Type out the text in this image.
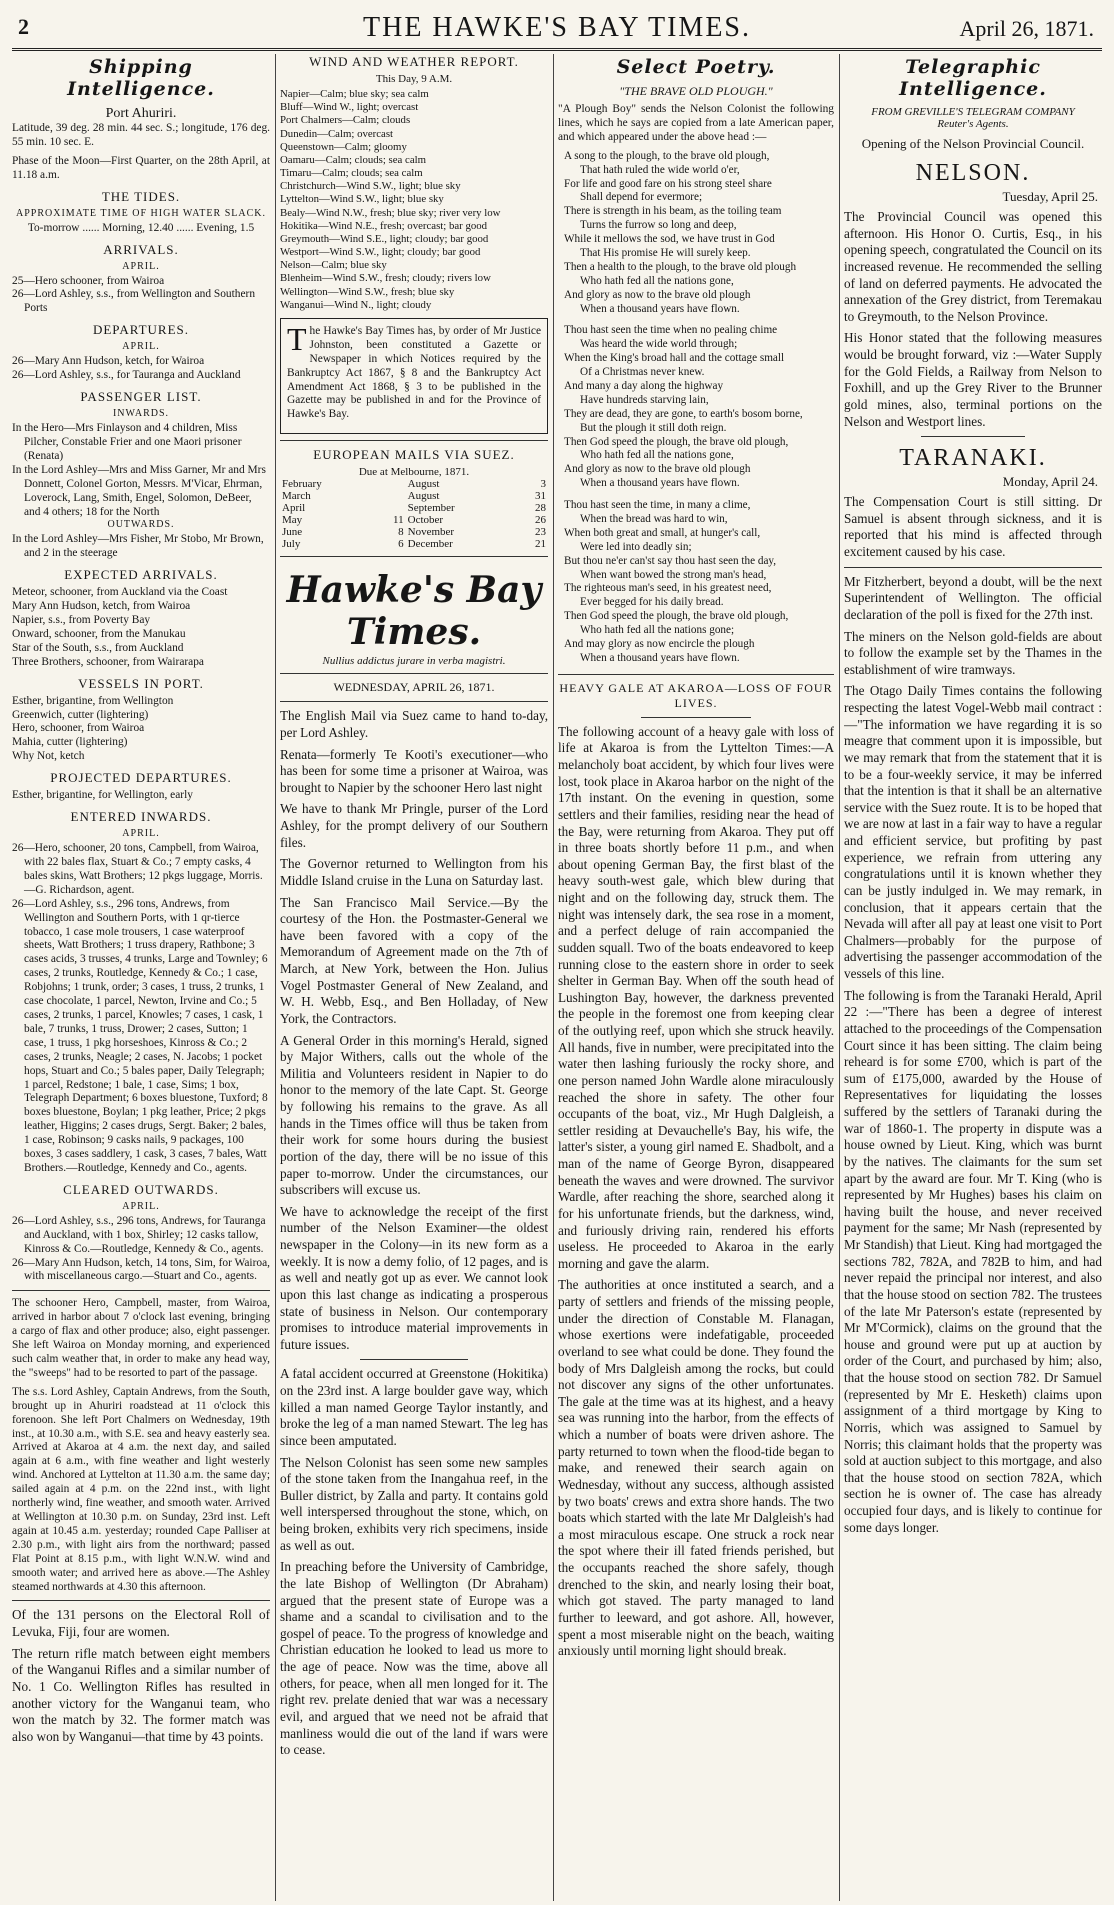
2	THE HAWKE'S BAY TIMES.	April 26, 1871.
Shipping Intelligence.
Port Ahuriri.

Latitude, 39 deg. 28 min. 44 sec. S.; longitude, 176 deg. 55 min. 10 sec. E.

Phase of the Moon—First Quarter, on the 28th April, at 11.18 a.m.

THE TIDES.
APPROXIMATE TIME OF HIGH WATER SLACK.

To-morrow ...... Morning, 12.40 ...... Evening, 1.5

ARRIVALS.
APRIL.

25—Hero schooner, from Wairoa

26—Lord Ashley, s.s., from Wellington and Southern Ports

DEPARTURES.
APRIL.

26—Mary Ann Hudson, ketch, for Wairoa

26—Lord Ashley, s.s., for Tauranga and Auckland

PASSENGER LIST.
INWARDS.

In the Hero—Mrs Finlayson and 4 children, Miss Pilcher, Constable Frier and one Maori prisoner (Renata)

In the Lord Ashley—Mrs and Miss Garner, Mr and Mrs Donnett, Colonel Gorton, Messrs. M'Vicar, Ehrman, Loverock, Lang, Smith, Engel, Solomon, DeBeer, and 4 others; 18 for the North

OUTWARDS.

In the Lord Ashley—Mrs Fisher, Mr Stobo, Mr Brown, and 2 in the steerage

EXPECTED ARRIVALS.

Meteor, schooner, from Auckland via the Coast

Mary Ann Hudson, ketch, from Wairoa

Napier, s.s., from Poverty Bay

Onward, schooner, from the Manukau

Star of the South, s.s., from Auckland

Three Brothers, schooner, from Wairarapa

VESSELS IN PORT.

Esther, brigantine, from Wellington

Greenwich, cutter (lightering)

Hero, schooner, from Wairoa

Mahia, cutter (lightering)

Why Not, ketch

PROJECTED DEPARTURES.

Esther, brigantine, for Wellington, early

ENTERED INWARDS.
APRIL.

26—Hero, schooner, 20 tons, Campbell, from Wairoa, with 22 bales flax, Stuart & Co.; 7 empty casks, 4 bales skins, Watt Brothers; 12 pkgs luggage, Morris.—G. Richardson, agent.

26—Lord Ashley, s.s., 296 tons, Andrews, from Wellington and Southern Ports, with 1 qr-tierce tobacco, 1 case mole trousers, 1 case waterproof sheets, Watt Brothers; 1 truss drapery, Rathbone; 3 cases acids, 3 trusses, 4 trunks, Large and Townley; 6 cases, 2 trunks, Routledge, Kennedy & Co.; 1 case, Robjohns; 1 trunk, order; 3 cases, 1 truss, 2 trunks, 1 case chocolate, 1 parcel, Newton, Irvine and Co.; 5 cases, 2 trunks, 1 parcel, Knowles; 7 cases, 1 cask, 1 bale, 7 trunks, 1 truss, Drower; 2 cases, Sutton; 1 case, 1 truss, 1 pkg horseshoes, Kinross & Co.; 2 cases, 2 trunks, Neagle; 2 cases, N. Jacobs; 1 pocket hops, Stuart and Co.; 5 bales paper, Daily Telegraph; 1 parcel, Redstone; 1 bale, 1 case, Sims; 1 box, Telegraph Department; 6 boxes bluestone, Tuxford; 8 boxes bluestone, Boylan; 1 pkg leather, Price; 2 pkgs leather, Higgins; 2 cases drugs, Sergt. Baker; 2 bales, 1 case, Robinson; 9 casks nails, 9 packages, 100 boxes, 3 cases saddlery, 1 cask, 3 cases, 7 bales, Watt Brothers.—Routledge, Kennedy and Co., agents.

CLEARED OUTWARDS.
APRIL.

26—Lord Ashley, s.s., 296 tons, Andrews, for Tauranga and Auckland, with 1 box, Shirley; 12 casks tallow, Kinross & Co.—Routledge, Kennedy & Co., agents.

26—Mary Ann Hudson, ketch, 14 tons, Sim, for Wairoa, with miscellaneous cargo.—Stuart and Co., agents.

The schooner Hero, Campbell, master, from Wairoa, arrived in harbor about 7 o'clock last evening, bringing a cargo of flax and other produce; also, eight passenger. She left Wairoa on Monday morning, and experienced such calm weather that, in order to make any head way, the "sweeps" had to be resorted to part of the passage.

The s.s. Lord Ashley, Captain Andrews, from the South, brought up in Ahuriri roadstead at 11 o'clock this forenoon. She left Port Chalmers on Wednesday, 19th inst., at 10.30 a.m., with S.E. sea and heavy easterly sea. Arrived at Akaroa at 4 a.m. the next day, and sailed again at 6 a.m., with fine weather and light westerly wind. Anchored at Lyttelton at 11.30 a.m. the same day; sailed again at 4 p.m. on the 22nd inst., with light northerly wind, fine weather, and smooth water. Arrived at Wellington at 10.30 p.m. on Sunday, 23rd inst. Left again at 10.45 a.m. yesterday; rounded Cape Palliser at 2.30 p.m., with light airs from the northward; passed Flat Point at 8.15 p.m., with light W.N.W. wind and smooth water; and arrived here as above.—The Ashley steamed northwards at 4.30 this afternoon.

Of the 131 persons on the Electoral Roll of Levuka, Fiji, four are women.

The return rifle match between eight members of the Wanganui Rifles and a similar number of No. 1 Co. Wellington Rifles has resulted in another victory for the Wanganui team, who won the match by 32. The former match was also won by Wanganui—that time by 43 points.

WIND AND WEATHER REPORT.
This Day, 9 A.M.
Napier—Calm; blue sky; sea calm
Bluff—Wind W., light; overcast
Port Chalmers—Calm; clouds
Dunedin—Calm; overcast
Queenstown—Calm; gloomy
Oamaru—Calm; clouds; sea calm
Timaru—Calm; clouds; sea calm
Christchurch—Wind S.W., light; blue sky
Lyttelton—Wind S.W., light; blue sky
Bealy—Wind N.W., fresh; blue sky; river very low
Hokitika—Wind N.E., fresh; overcast; bar good
Greymouth—Wind S.E., light; cloudy; bar good
Westport—Wind S.W., light; cloudy; bar good
Nelson—Calm; blue sky
Blenheim—Wind S.W., fresh; cloudy; rivers low
Wellington—Wind S.W., fresh; blue sky
Wanganui—Wind N., light; cloudy

The Hawke's Bay Times has, by order of Mr Justice Johnston, been constituted a Gazette or Newspaper in which Notices required by the Bankruptcy Act 1867, § 8 and the Bankruptcy Act Amendment Act 1868, § 3 to be published in the Gazette may be published in and for the Province of Hawke's Bay.

EUROPEAN MAILS VIA SUEZ.
Due at Melbourne, 1871.
February		August	3
March		August	31
April		September	28
May	11	October	26
June	8	November	23
July	6	December	21
Hawke's Bay Times.
Nullius addictus jurare in verba magistri.
WEDNESDAY, APRIL 26, 1871.

The English Mail via Suez came to hand to-day, per Lord Ashley.

Renata—formerly Te Kooti's executioner—who has been for some time a prisoner at Wairoa, was brought to Napier by the schooner Hero last night

We have to thank Mr Pringle, purser of the Lord Ashley, for the prompt delivery of our Southern files.

The Governor returned to Wellington from his Middle Island cruise in the Luna on Saturday last.

The San Francisco Mail Service.—By the courtesy of the Hon. the Postmaster-General we have been favored with a copy of the Memorandum of Agreement made on the 7th of March, at New York, between the Hon. Julius Vogel Postmaster General of New Zealand, and W. H. Webb, Esq., and Ben Holladay, of New York, the Contractors.

A General Order in this morning's Herald, signed by Major Withers, calls out the whole of the Militia and Volunteers resident in Napier to do honor to the memory of the late Capt. St. George by following his remains to the grave. As all hands in the Times office will thus be taken from their work for some hours during the busiest portion of the day, there will be no issue of this paper to-morrow. Under the circumstances, our subscribers will excuse us.

We have to acknowledge the receipt of the first number of the Nelson Examiner—the oldest newspaper in the Colony—in its new form as a weekly. It is now a demy folio, of 12 pages, and is as well and neatly got up as ever. We cannot look upon this last change as indicating a prosperous state of business in Nelson. Our contemporary promises to introduce material improvements in future issues.

A fatal accident occurred at Greenstone (Hokitika) on the 23rd inst. A large boulder gave way, which killed a man named George Taylor instantly, and broke the leg of a man named Stewart. The leg has since been amputated.

The Nelson Colonist has seen some new samples of the stone taken from the Inangahua reef, in the Buller district, by Zalla and party. It contains gold well interspersed throughout the stone, which, on being broken, exhibits very rich specimens, inside as well as out.

In preaching before the University of Cambridge, the late Bishop of Wellington (Dr Abraham) argued that the present state of Europe was a shame and a scandal to civilisation and to the gospel of peace. To the progress of knowledge and Christian education he looked to lead us more to the age of peace. Now was the time, above all others, for peace, when all men longed for it. The right rev. prelate denied that war was a necessary evil, and argued that we need not be afraid that manliness would die out of the land if wars were to cease.

Select Poetry.
"THE BRAVE OLD PLOUGH."

"A Plough Boy" sends the Nelson Colonist the following lines, which he says are copied from a late American paper, and which appeared under the above head :—

A song to the plough, to the brave old plough,
That hath ruled the wide world o'er,
For life and good fare on his strong steel share
Shall depend for evermore;
There is strength in his beam, as the toiling team
Turns the furrow so long and deep,
While it mellows the sod, we have trust in God
That His promise He will surely keep.
Then a health to the plough, to the brave old plough
Who hath fed all the nations gone,
And glory as now to the brave old plough
When a thousand years have flown.
Thou hast seen the time when no pealing chime
Was heard the wide world through;
When the King's broad hall and the cottage small
Of a Christmas never knew.
And many a day along the highway
Have hundreds starving lain,
They are dead, they are gone, to earth's bosom borne,
But the plough it still doth reign.
Then God speed the plough, the brave old plough,
Who hath fed all the nations gone,
And glory as now to the brave old plough
When a thousand years have flown.
Thou hast seen the time, in many a clime,
When the bread was hard to win,
When both great and small, at hunger's call,
Were led into deadly sin;
But thou ne'er can'st say thou hast seen the day,
When want bowed the strong man's head,
The righteous man's seed, in his greatest need,
Ever begged for his daily bread.
Then God speed the plough, the brave old plough,
Who hath fed all the nations gone;
And may glory as now encircle the plough
When a thousand years have flown.
HEAVY GALE AT AKAROA—LOSS OF FOUR LIVES.

The following account of a heavy gale with loss of life at Akaroa is from the Lyttelton Times:—A melancholy boat accident, by which four lives were lost, took place in Akaroa harbor on the night of the 17th instant. On the evening in question, some settlers and their families, residing near the head of the Bay, were returning from Akaroa. They put off in three boats shortly before 11 p.m., and when about opening German Bay, the first blast of the heavy south-west gale, which blew during that night and on the following day, struck them. The night was intensely dark, the sea rose in a moment, and a perfect deluge of rain accompanied the sudden squall. Two of the boats endeavored to keep running close to the eastern shore in order to seek shelter in German Bay. When off the south head of Lushington Bay, however, the darkness prevented the people in the foremost one from keeping clear of the outlying reef, upon which she struck heavily. All hands, five in number, were precipitated into the water then lashing furiously the rocky shore, and one person named John Wardle alone miraculously reached the shore in safety. The other four occupants of the boat, viz., Mr Hugh Dalgleish, a settler residing at Devauchelle's Bay, his wife, the latter's sister, a young girl named E. Shadbolt, and a man of the name of George Byron, disappeared beneath the waves and were drowned. The survivor Wardle, after reaching the shore, searched along it for his unfortunate friends, but the darkness, wind, and furiously driving rain, rendered his efforts useless. He proceeded to Akaroa in the early morning and gave the alarm.

The authorities at once instituted a search, and a party of settlers and friends of the missing people, under the direction of Constable M. Flanagan, whose exertions were indefatigable, proceeded overland to see what could be done. They found the body of Mrs Dalgleish among the rocks, but could not discover any signs of the other unfortunates. The gale at the time was at its highest, and a heavy sea was running into the harbor, from the effects of which a number of boats were driven ashore. The party returned to town when the flood-tide began to make, and renewed their search again on Wednesday, without any success, although assisted by two boats' crews and extra shore hands. The two boats which started with the late Mr Dalgleish's had a most miraculous escape. One struck a rock near the spot where their ill fated friends perished, but the occupants reached the shore safely, though drenched to the skin, and nearly losing their boat, which got staved. The party managed to land further to leeward, and got ashore. All, however, spent a most miserable night on the beach, waiting anxiously until morning light should break.

Telegraphic Intelligence.
FROM GREVILLE'S TELEGRAM COMPANY
Reuter's Agents.
Opening of the Nelson Provincial Council.
NELSON.
Tuesday, April 25.

The Provincial Council was opened this afternoon. His Honor O. Curtis, Esq., in his opening speech, congratulated the Council on its increased revenue. He recommended the selling of land on deferred payments. He advocated the annexation of the Grey district, from Teremakau to Greymouth, to the Nelson Province.

His Honor stated that the following measures would be brought forward, viz :—Water Supply for the Gold Fields, a Railway from Nelson to Foxhill, and up the Grey River to the Brunner gold mines, also, terminal portions on the Nelson and Westport lines.

TARANAKI.
Monday, April 24.

The Compensation Court is still sitting. Dr Samuel is absent through sickness, and it is reported that his mind is affected through excitement caused by his case.

Mr Fitzherbert, beyond a doubt, will be the next Superintendent of Wellington. The official declaration of the poll is fixed for the 27th inst.

The miners on the Nelson gold-fields are about to follow the example set by the Thames in the establishment of wire tramways.

The Otago Daily Times contains the following respecting the latest Vogel-Webb mail contract :—"The information we have regarding it is so meagre that comment upon it is impossible, but we may remark that from the statement that it is to be a four-weekly service, it may be inferred that the intention is that it shall be an alternative service with the Suez route. It is to be hoped that we are now at last in a fair way to have a regular and efficient service, but profiting by past experience, we refrain from uttering any congratulations until it is known whether they can be justly indulged in. We may remark, in conclusion, that it appears certain that the Nevada will after all pay at least one visit to Port Chalmers—probably for the purpose of advertising the passenger accommodation of the vessels of this line.

The following is from the Taranaki Herald, April 22 :—"There has been a degree of interest attached to the proceedings of the Compensation Court since it has been sitting. The claim being reheard is for some £700, which is part of the sum of £175,000, awarded by the House of Representatives for liquidating the losses suffered by the settlers of Taranaki during the war of 1860-1. The property in dispute was a house owned by Lieut. King, which was burnt by the natives. The claimants for the sum set apart by the award are four. Mr T. King (who is represented by Mr Hughes) bases his claim on having built the house, and never received payment for the same; Mr Nash (represented by Mr Standish) that Lieut. King had mortgaged the sections 782, 782A, and 782B to him, and had never repaid the principal nor interest, and also that the house stood on section 782. The trustees of the late Mr Paterson's estate (represented by Mr M'Cormick), claims on the ground that the house and ground were put up at auction by order of the Court, and purchased by him; also, that the house stood on section 782. Dr Samuel (represented by Mr E. Hesketh) claims upon assignment of a third mortgage by King to Norris, which was assigned to Samuel by Norris; this claimant holds that the property was sold at auction subject to this mortgage, and also that the house stood on section 782A, which section he is owner of. The case has already occupied four days, and is likely to continue for some days longer.
